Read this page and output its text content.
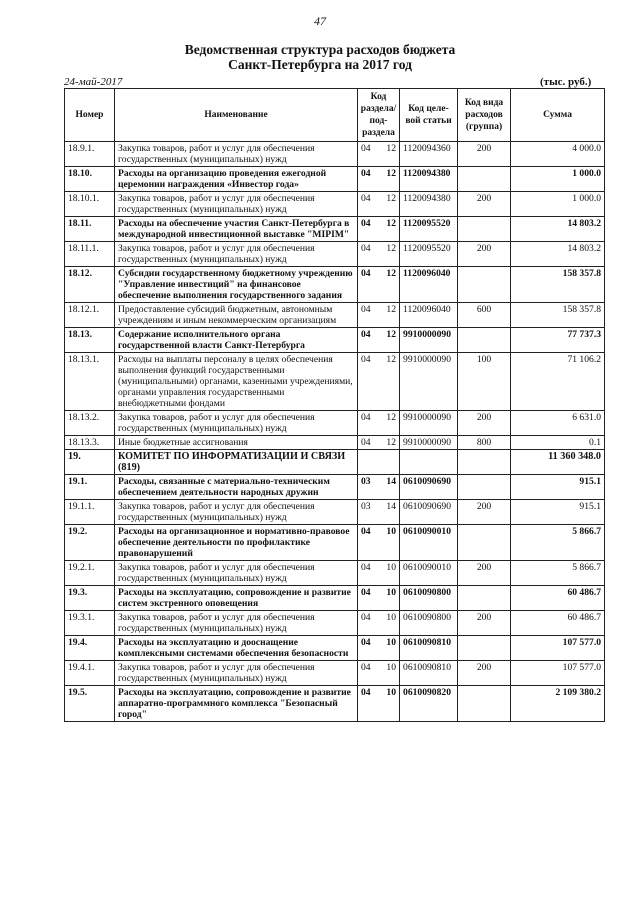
47
Ведомственная структура расходов бюджета
Санкт-Петербурга на 2017 год
24-май-2017	(тыс. руб.)
Номер	Наименование	Код раздела/ под- раздела		Код целе- вой статьи	Код вида расходов (группа)	Сумма
18.9.1.	Закупка товаров, работ и услуг для обеспечения государственных (муниципальных) нужд	04	12	1120094360	200	4 000.0
18.10.	Расходы на организацию проведения ежегодной церемонии награждения «Инвестор года»	04	12	1120094380		1 000.0
18.10.1.	Закупка товаров, работ и услуг для обеспечения государственных (муниципальных) нужд	04	12	1120094380	200	1 000.0
18.11.	Расходы на обеспечение участия Санкт-Петербурга в международной инвестиционной выставке "MIPIM"	04	12	1120095520		14 803.2
18.11.1.	Закупка товаров, работ и услуг для обеспечения государственных (муниципальных) нужд	04	12	1120095520	200	14 803.2
18.12.	Субсидии государственному бюджетному учреждению "Управление инвестиций" на финансовое обеспечение выполнения государственного задания	04	12	1120096040		158 357.8
18.12.1.	Предоставление субсидий бюджетным, автономным учреждениям и иным некоммерческим организациям	04	12	1120096040	600	158 357.8
18.13.	Содержание исполнительного органа государственной власти Санкт-Петербурга	04	12	9910000090		77 737.3
18.13.1.	Расходы на выплаты персоналу в целях обеспечения выполнения функций государственными (муниципальными) органами, казенными учреждениями, органами управления государственными внебюджетными фондами	04	12	9910000090	100	71 106.2
18.13.2.	Закупка товаров, работ и услуг для обеспечения государственных (муниципальных) нужд	04	12	9910000090	200	6 631.0
18.13.3.	Иные бюджетные ассигнования	04	12	9910000090	800	0.1
19.	КОМИТЕТ ПО ИНФОРМАТИЗАЦИИ И СВЯЗИ (819)					11 360 348.0
19.1.	Расходы, связанные с материально-техническим обеспечением деятельности народных дружин	03	14	0610090690		915.1
19.1.1.	Закупка товаров, работ и услуг для обеспечения государственных (муниципальных) нужд	03	14	0610090690	200	915.1
19.2.	Расходы на организационное и нормативно-правовое обеспечение деятельности по профилактике правонарушений	04	10	0610090010		5 866.7
19.2.1.	Закупка товаров, работ и услуг для обеспечения государственных (муниципальных) нужд	04	10	0610090010	200	5 866.7
19.3.	Расходы на эксплуатацию, сопровождение и развитие систем экстренного оповещения	04	10	0610090800		60 486.7
19.3.1.	Закупка товаров, работ и услуг для обеспечения государственных (муниципальных) нужд	04	10	0610090800	200	60 486.7
19.4.	Расходы на эксплуатацию и дооснащение комплексными системами обеспечения безопасности	04	10	0610090810		107 577.0
19.4.1.	Закупка товаров, работ и услуг для обеспечения государственных (муниципальных) нужд	04	10	0610090810	200	107 577.0
19.5.	Расходы на эксплуатацию, сопровождение и развитие аппаратно-программного комплекса "Безопасный город"	04	10	0610090820		2 109 380.2
